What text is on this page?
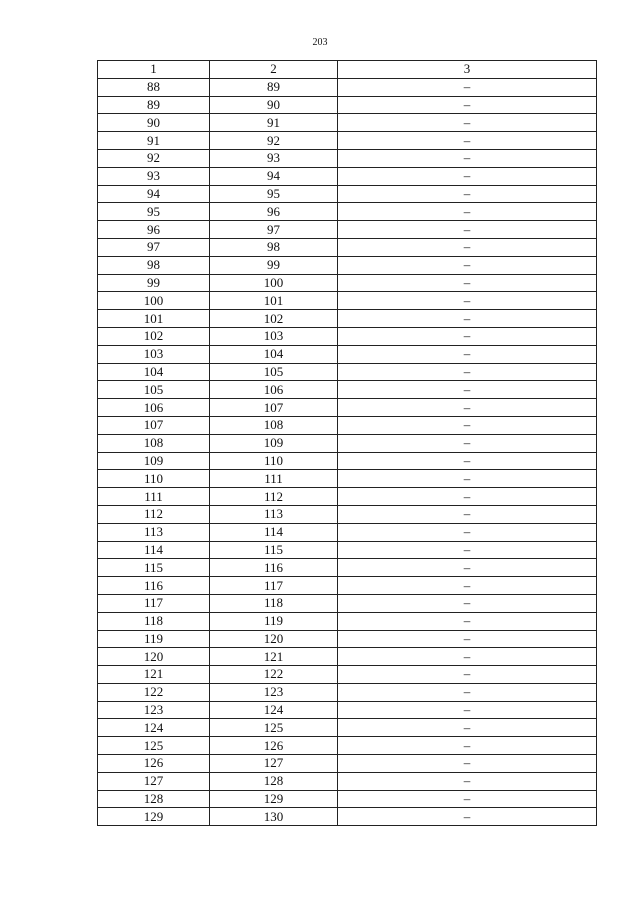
203
1	2	3
88	89	–
89	90	–
90	91	–
91	92	–
92	93	–
93	94	–
94	95	–
95	96	–
96	97	–
97	98	–
98	99	–
99	100	–
100	101	–
101	102	–
102	103	–
103	104	–
104	105	–
105	106	–
106	107	–
107	108	–
108	109	–
109	110	–
110	111	–
111	112	–
112	113	–
113	114	–
114	115	–
115	116	–
116	117	–
117	118	–
118	119	–
119	120	–
120	121	–
121	122	–
122	123	–
123	124	–
124	125	–
125	126	–
126	127	–
127	128	–
128	129	–
129	130	–
